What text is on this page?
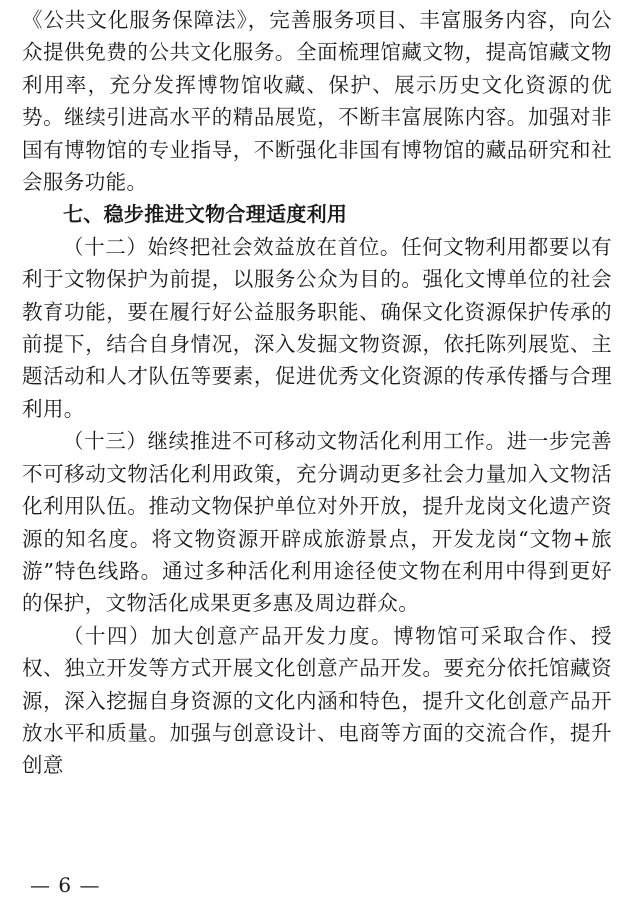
《公共文化服务保障法》，完善服务项目、丰富服务内容，向公众提供免费的公共文化服务。全面梳理馆藏文物，提高馆藏文物利用率，充分发挥博物馆收藏、保护、展示历史文化资源的优势。继续引进高水平的精品展览，不断丰富展陈内容。加强对非国有博物馆的专业指导，不断强化非国有博物馆的藏品研究和社会服务功能。

七、稳步推进文物合理适度利用

（十二）始终把社会效益放在首位。任何文物利用都要以有利于文物保护为前提，以服务公众为目的。强化文博单位的社会教育功能，要在履行好公益服务职能、确保文化资源保护传承的前提下，结合自身情况，深入发掘文物资源，依托陈列展览、主题活动和人才队伍等要素，促进优秀文化资源的传承传播与合理利用。

（十三）继续推进不可移动文物活化利用工作。进一步完善不可移动文物活化利用政策，充分调动更多社会力量加入文物活化利用队伍。推动文物保护单位对外开放，提升龙岗文化遗产资源的知名度。将文物资源开辟成旅游景点，开发龙岗“文物+旅游”特色线路。通过多种活化利用途径使文物在利用中得到更好的保护，文物活化成果更多惠及周边群众。

（十四）加大创意产品开发力度。博物馆可采取合作、授权、独立开发等方式开展文化创意产品开发。要充分依托馆藏资源，深入挖掘自身资源的文化内涵和特色，提升文化创意产品开放水平和质量。加强与创意设计、电商等方面的交流合作，提升创意

— 6 —
